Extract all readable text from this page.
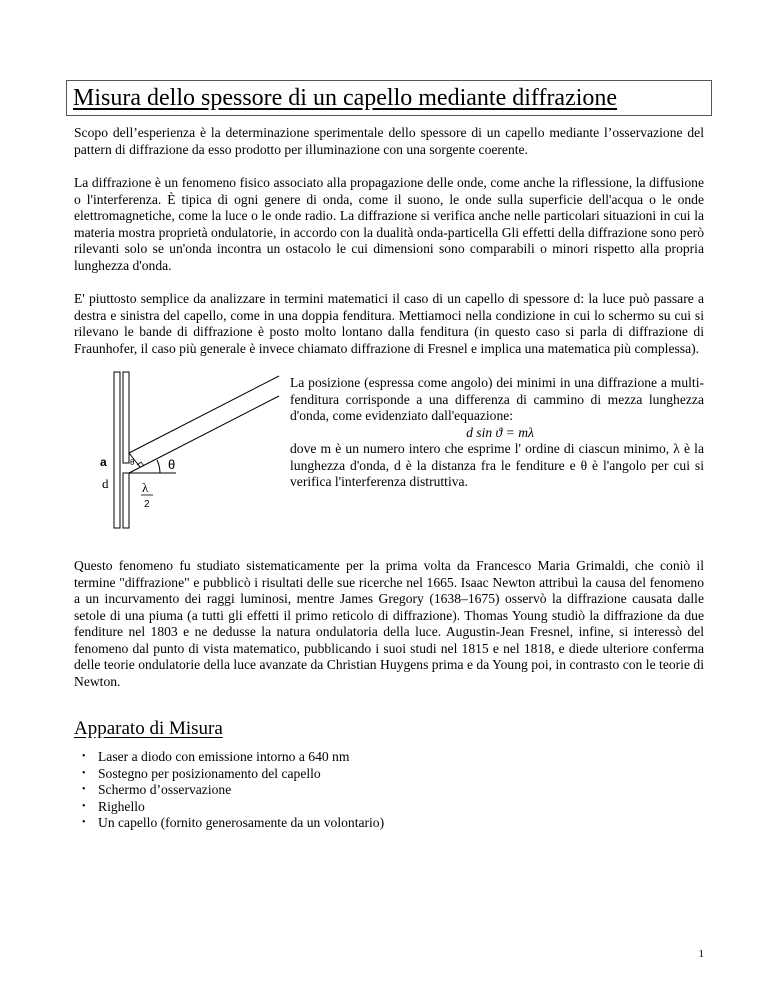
Misura dello spessore di un capello mediante diffrazione

Scopo dell’esperienza è la determinazione sperimentale dello spessore di un capello mediante l’osservazione del pattern di diffrazione da esso prodotto per illuminazione con una sorgente coerente.

La diffrazione è un fenomeno fisico associato alla propagazione delle onde, come anche la riflessione, la diffusione o l'interferenza. È tipica di ogni genere di onda, come il suono, le onde sulla superficie dell'acqua o le onde elettromagnetiche, come la luce o le onde radio. La diffrazione si verifica anche nelle particolari situazioni in cui la materia mostra proprietà ondulatorie, in accordo con la dualità onda-particella Gli effetti della diffrazione sono però rilevanti solo se un'onda incontra un ostacolo le cui dimensioni sono comparabili o minori rispetto alla propria lunghezza d'onda.

E' piuttosto semplice da analizzare in termini matematici il caso di un capello di spessore d: la luce può passare a destra e sinistra del capello, come in una doppia fenditura. Mettiamoci nella condizione in cui lo schermo su cui si rilevano le bande di diffrazione è posto molto lontano dalla fenditura (in questo caso si parla di diffrazione di Fraunhofer, il caso più generale è invece chiamato diffrazione di Fresnel e implica una matematica più complessa).

a
d
θ	θ
λ
2

La posizione (espressa come angolo) dei minimi in una diffrazione a multi-fenditura corrisponde a una differenza di cammino di mezza lunghezza d'onda, come evidenziato dall'equazione:

d sin ϑ = mλ

dove m è un numero intero che esprime l' ordine di ciascun minimo, λ è la lunghezza d'onda, d è la distanza fra le fenditure e θ è l'angolo per cui si verifica l'interferenza distruttiva.

Questo fenomeno fu studiato sistematicamente per la prima volta da Francesco Maria Grimaldi, che coniò il termine "diffrazione" e pubblicò i risultati delle sue ricerche nel 1665. Isaac Newton attribuì la causa del fenomeno a un incurvamento dei raggi luminosi, mentre James Gregory (1638–1675) osservò la diffrazione causata dalle setole di una piuma (a tutti gli effetti il primo reticolo di diffrazione). Thomas Young studiò la diffrazione da due fenditure nel 1803 e ne dedusse la natura ondulatoria della luce. Augustin-Jean Fresnel, infine, si interessò del fenomeno dal punto di vista matematico, pubblicando i suoi studi nel 1815 e nel 1818, e diede ulteriore conferma delle teorie ondulatorie della luce avanzate da Christian Huygens prima e da Young poi, in contrasto con le teorie di Newton.

Apparato di Misura
• Laser a diodo con emissione intorno a 640 nm
• Sostegno per posizionamento del capello
• Schermo d’osservazione
• Righello
• Un capello (fornito generosamente da un volontario)
1
